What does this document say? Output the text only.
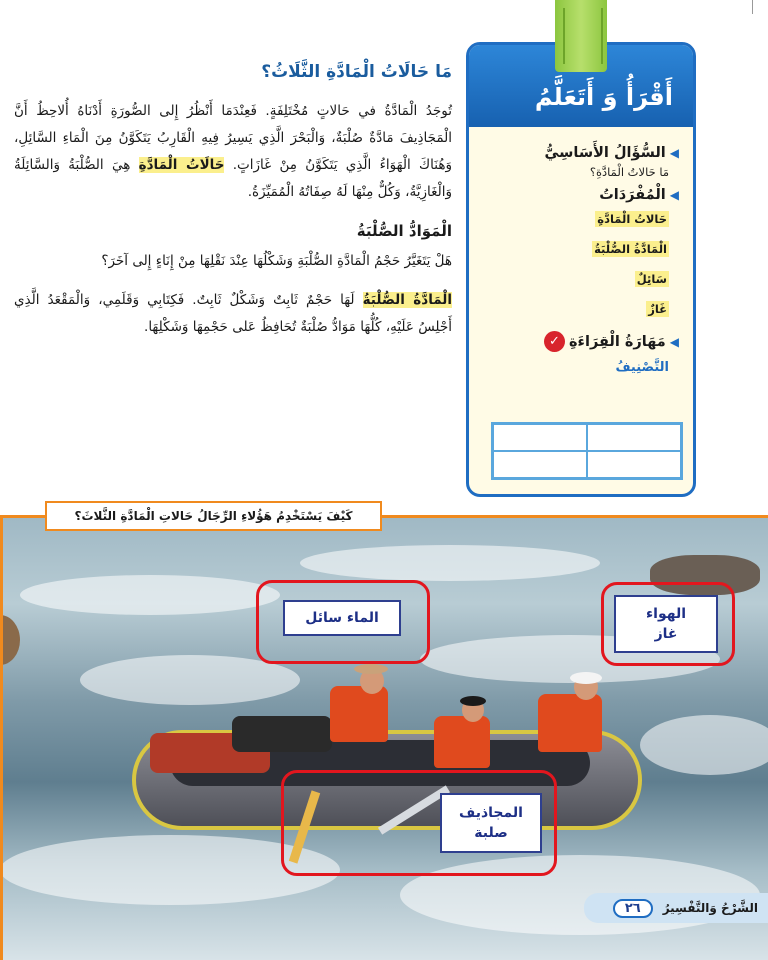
مَا حَالَاتُ الْمَادَّةِ الثَّلَاثُ؟

تُوجَدُ الْمَادَّةُ في حَالاتٍ مُخْتَلِفَةٍ. فَعِنْدَمَا أَنْظُرُ إِلى الصُّورَةِ أَدْنَاهُ أُلاحِظُ أَنَّ الْمَجَاذِيفَ مَادَّةٌ صُلْبَةٌ، وَالْبَحْرَ الَّذِي يَسِيرُ فِيهِ الْقَارِبُ يَتَكَوَّنُ مِنَ الْمَاءِ السَّائِلِ، وَهُنَاكَ الْهَوَاءُ الَّذِي يَتَكَوَّنُ مِنْ غَازَاتٍ. حَالَاتُ الْمَادَّةِ هِيَ الصُّلْبَةُ وَالسَّائِلَةُ وَالْغَازِيَّةُ، وَكُلٌّ مِنْهَا لَهُ صِفَاتُهُ الْمُمَيِّزَةُ.

الْمَوَادُّ الصُّلْبَةُ

هَلْ يَتَغَيَّرُ حَجْمُ الْمَادَّةِ الصُّلْبَةِ وَشَكْلُهَا عِنْدَ نَقْلِهَا مِنْ إِنَاءٍ إِلى آخَرَ؟

الْمَادَّةُ الصُّلْبَةُ لَهَا حَجْمٌ ثَابِتٌ وَشَكْلٌ ثَابِتٌ. فَكِتَابِي وَقَلَمِي، وَالْمَقْعَدُ الَّذِي أَجْلِسُ عَلَيْهِ، كُلُّهَا مَوَادُّ صُلْبَةٌ تُحَافِظُ عَلى حَجْمِهَا وَشَكْلِهَا.

أَقْرَأُ وَ أَتَعَلَّمُ
◀
السُّؤَالُ الأَسَاسِيُّ
مَا حَالاتُ الْمَادَّةِ؟
◀
الْمُفْرَدَاتُ
حَالاتُ الْمَادَّةِ
الْمَادَّةُ الصُّلْبَةُ
سَائِلٌ
غَازٌ
◀
مَهَارَةُ الْقِرَاءَةِ
✓
التَّصْنِيفُ
كَيْفَ يَسْتَخْدِمُ هَؤُلاءِ الرِّجَالُ حَالاتِ الْمَادَّةِ الثَّلاثَ؟
الماء سائل	الهواء
غاز
المجاذيف
صلبة
الشَّرْحُ وَالتَّفْسِيرُ
٢٦
